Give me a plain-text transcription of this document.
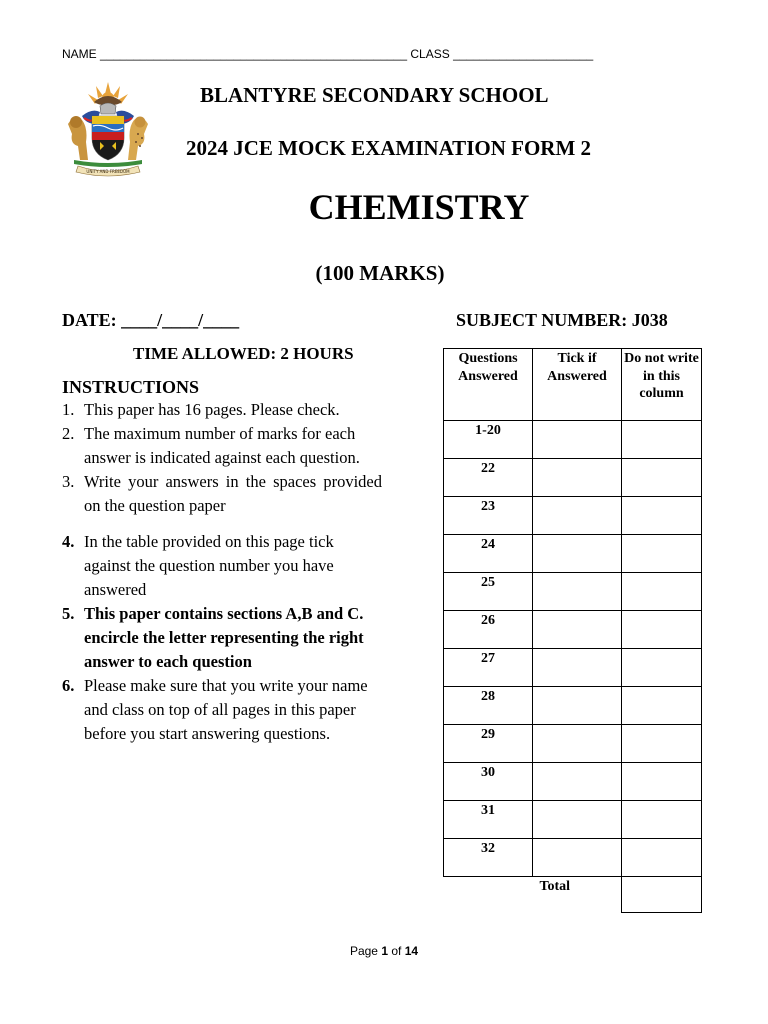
NAME ______________________________________________ CLASS _____________________
UNITY AND FREEDOM
BLANTYRE SECONDARY SCHOOL
2024 JCE MOCK EXAMINATION FORM 2
CHEMISTRY
(100 MARKS)
DATE: ____/____/____	SUBJECT NUMBER: J038
TIME ALLOWED: 2 HOURS
INSTRUCTIONS
1. This paper has 16 pages. Please check.
2. The maximum number of marks for each answer is indicated against each question.
3. Write your answers in the spaces provided on the question paper
4. In the table provided on this page tick against the question number you have answered
5. This paper contains sections A,B and C. encircle the letter representing the right answer to each question
6. Please make sure that you write your name and class on top of all pages in this paper before you start answering questions.
Questions Answered	Tick if Answered	Do not write in this column
1-20		
22		
23		
24		
25		
26		
27		
28		
29		
30		
31		
32		

	Total	

Page 1 of 14
